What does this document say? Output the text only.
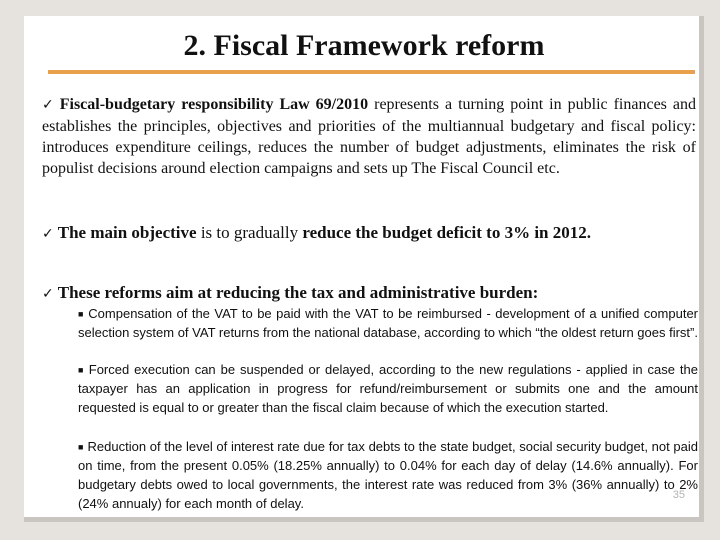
2. Fiscal Framework reform

✓ Fiscal-budgetary responsibility Law 69/2010 represents a turning point in public finances and establishes the principles, objectives and priorities of the multiannual budgetary and fiscal policy: introduces expenditure ceilings, reduces the number of budget adjustments, eliminates the risk of populist decisions around election campaigns and sets up The Fiscal Council etc.

✓ The main objective is to gradually reduce the budget deficit to 3% in 2012.

✓ These reforms aim at reducing the tax and administrative burden:

■ Compensation of the VAT to be paid with the VAT to be reimbursed - development of a unified computer selection system of VAT returns from the national database, according to which “the oldest return goes first”.

■ Forced execution can be suspended or delayed, according to the new regulations - applied in case the taxpayer has an application in progress for refund/reimbursement or submits one and the amount requested is equal to or greater than the fiscal claim because of which the execution started.

■ Reduction of the level of interest rate due for tax debts to the state budget, social security budget, not paid on time, from the present 0.05% (18.25% annually) to 0.04% for each day of delay (14.6% annually). For budgetary debts owed to local governments, the interest rate was reduced from 3% (36% annually) to 2% (24% annualy) for each month of delay.

35
